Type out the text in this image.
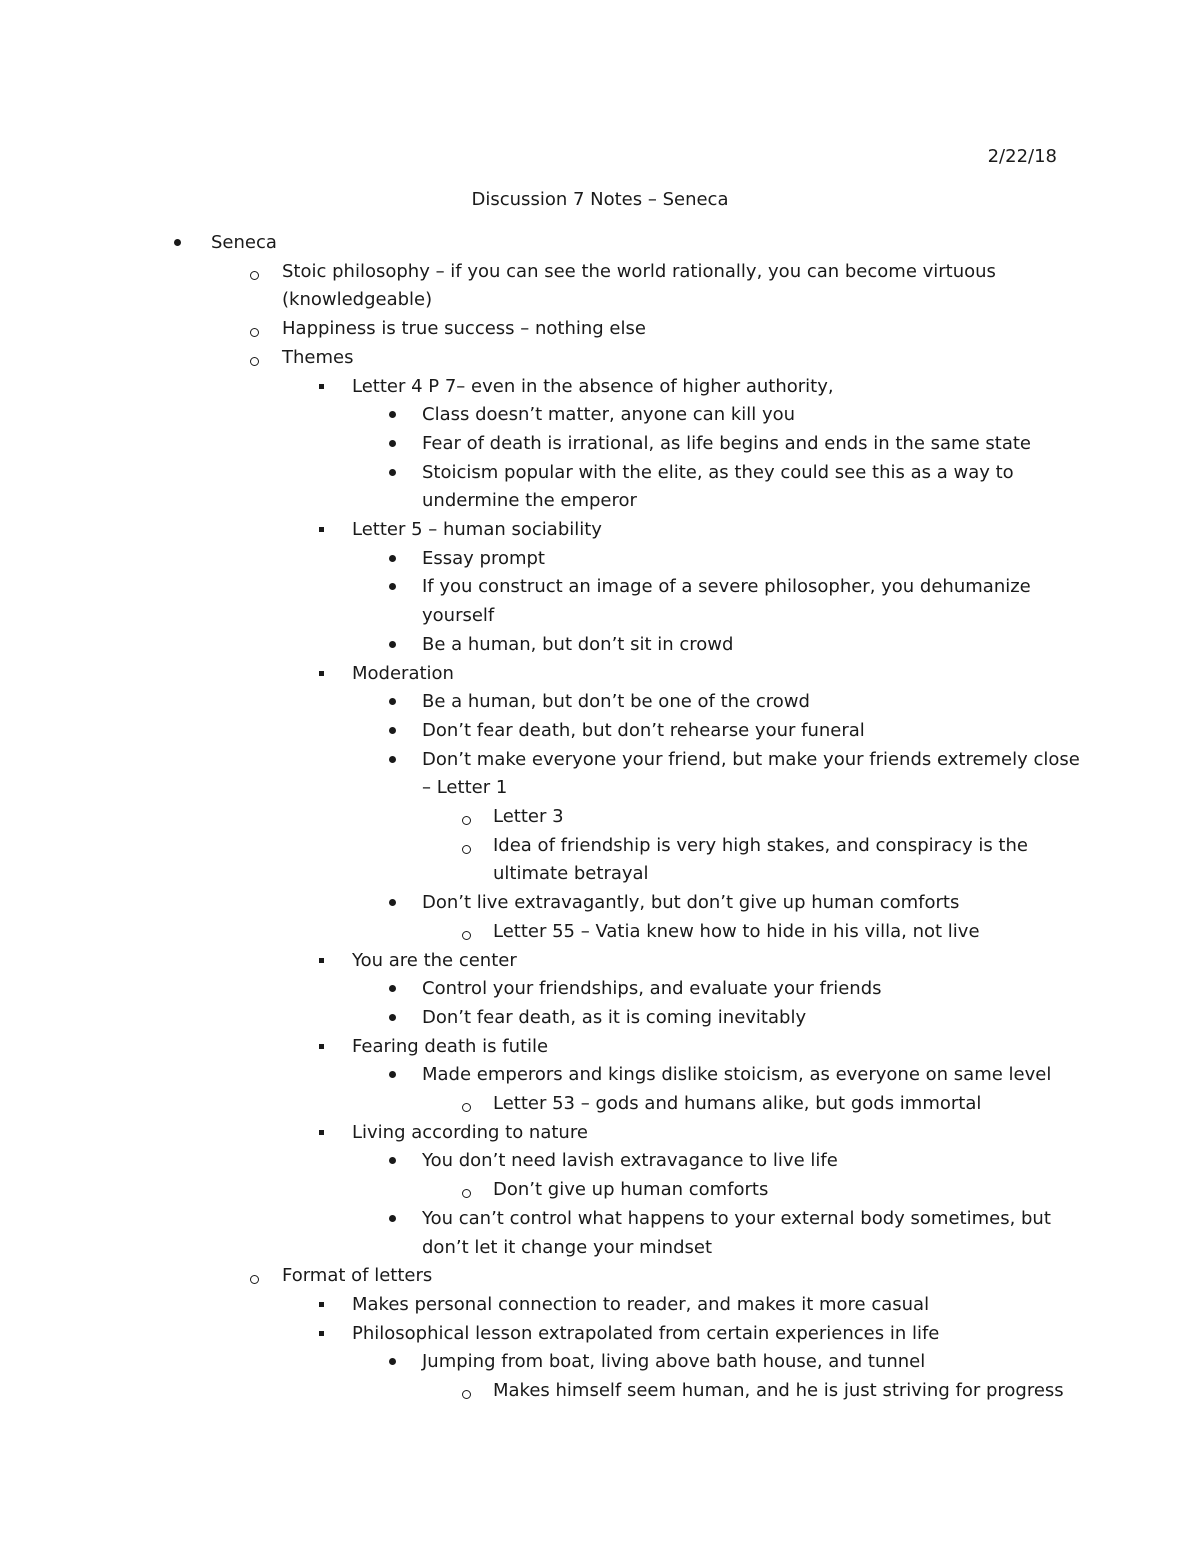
2/22/18
Discussion 7 Notes – Seneca
Seneca
Stoic philosophy – if you can see the world rationally, you can become virtuous
(knowledgeable)
Happiness is true success – nothing else
Themes
Letter 4 P 7– even in the absence of higher authority,
Class doesn’t matter, anyone can kill you
Fear of death is irrational, as life begins and ends in the same state
Stoicism popular with the elite, as they could see this as a way to
undermine the emperor
Letter 5 – human sociability
Essay prompt
If you construct an image of a severe philosopher, you dehumanize
yourself
Be a human, but don’t sit in crowd
Moderation
Be a human, but don’t be one of the crowd
Don’t fear death, but don’t rehearse your funeral
Don’t make everyone your friend, but make your friends extremely close
– Letter 1
Letter 3
Idea of friendship is very high stakes, and conspiracy is the
ultimate betrayal
Don’t live extravagantly, but don’t give up human comforts
Letter 55 – Vatia knew how to hide in his villa, not live
You are the center
Control your friendships, and evaluate your friends
Don’t fear death, as it is coming inevitably
Fearing death is futile
Made emperors and kings dislike stoicism, as everyone on same level
Letter 53 – gods and humans alike, but gods immortal
Living according to nature
You don’t need lavish extravagance to live life
Don’t give up human comforts
You can’t control what happens to your external body sometimes, but
don’t let it change your mindset
Format of letters
Makes personal connection to reader, and makes it more casual
Philosophical lesson extrapolated from certain experiences in life
Jumping from boat, living above bath house, and tunnel
Makes himself seem human, and he is just striving for progress
